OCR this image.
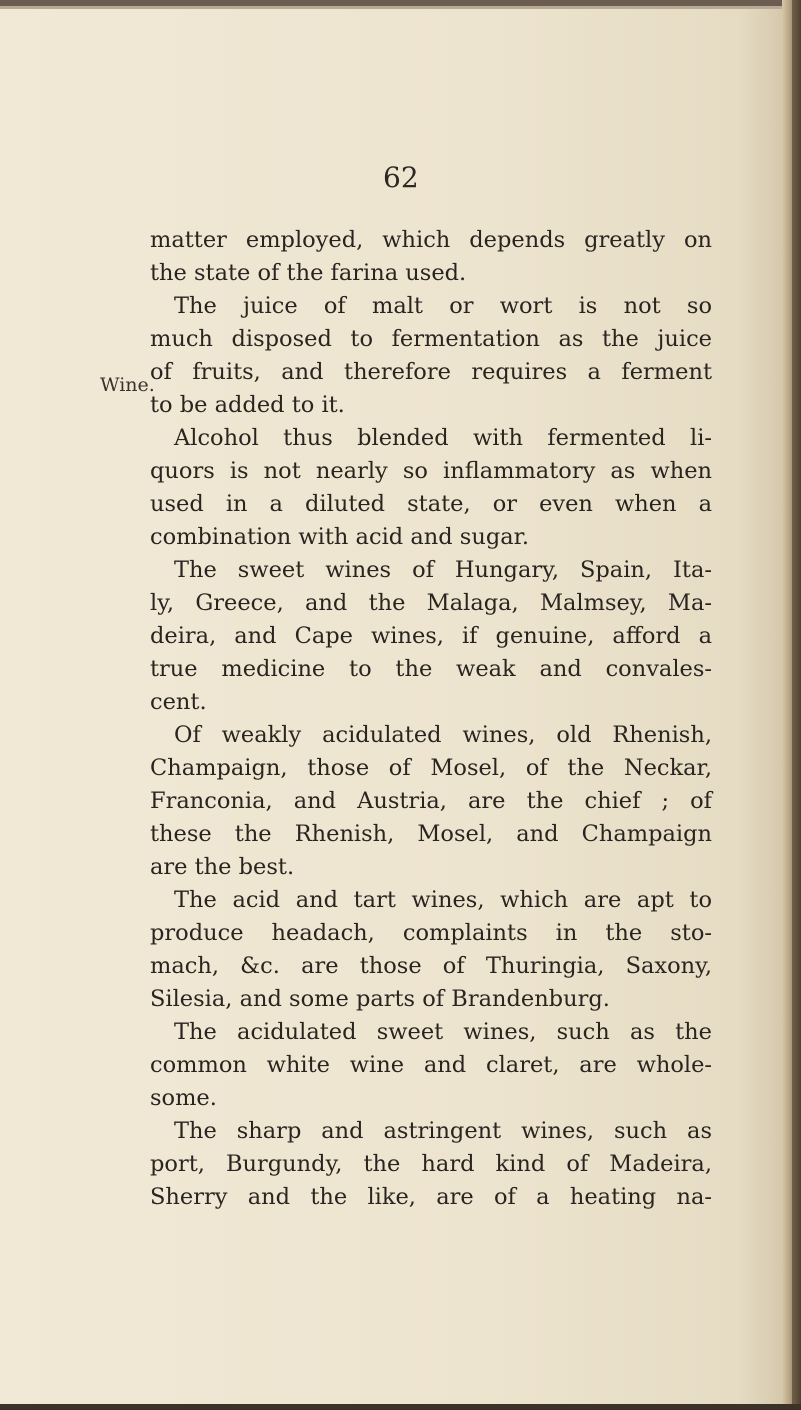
62
Wine.
matter employed, which depends greatly on
the state of the farina used.
The juice of malt or wort is not so
much disposed to fermentation as the juice
of fruits, and therefore requires a ferment
to be added to it.
Alcohol thus blended with fermented li-
quors is not nearly so inflammatory as when
used in a diluted state, or even when a
combination with acid and sugar.
The sweet wines of Hungary, Spain, Ita-
ly, Greece, and the Malaga, Malmsey, Ma-
deira, and Cape wines, if genuine, afford a
true medicine to the weak and convales-
cent.
Of weakly acidulated wines, old Rhenish,
Champaign, those of Mosel, of the Neckar,
Franconia, and Austria, are the chief ; of
these the Rhenish, Mosel, and Champaign
are the best.
The acid and tart wines, which are apt to
produce headach, complaints in the sto-
mach, &c. are those of Thuringia, Saxony,
Silesia, and some parts of Brandenburg.
The acidulated sweet wines, such as the
common white wine and claret, are whole-
some.
The sharp and astringent wines, such as
port, Burgundy, the hard kind of Madeira,
Sherry and the like, are of a heating na-
